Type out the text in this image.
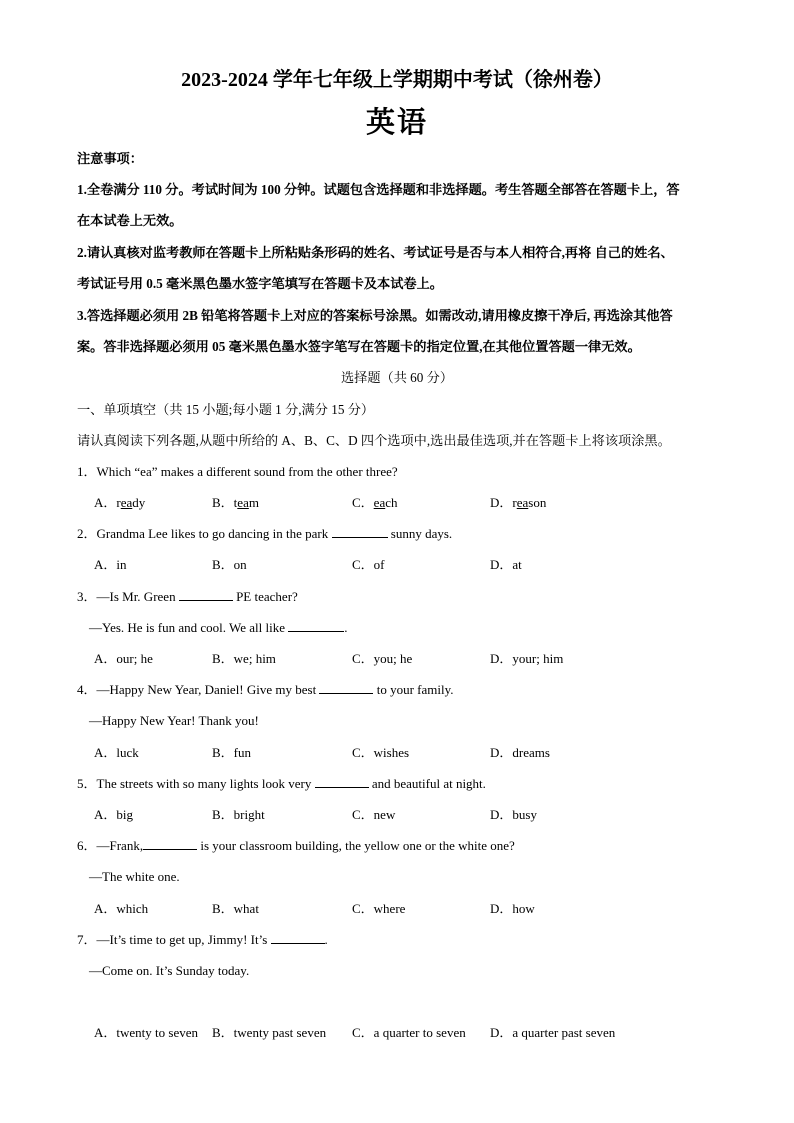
2023-2024 学年七年级上学期期中考试（徐州卷）
英语
注意事项：
1.全卷满分 110 分。考试时间为 100 分钟。试题包含选择题和非选择题。考生答题全部答在答题卡上，答
在本试卷上无效。
2.请认真核对监考教师在答题卡上所粘贴条形码的姓名、考试证号是否与本人相符合,再将 自己的姓名、
考试证号用 0.5 毫米黑色墨水签字笔填写在答题卡及本试卷上。
3.答选择题必须用 2B 铅笔将答题卡上对应的答案标号涂黑。如需改动,请用橡皮擦干净后, 再选涂其他答
案。答非选择题必须用 05 毫米黑色墨水签字笔写在答题卡的指定位置,在其他位置答题一律无效。
选择题（共 60 分）
一、单项填空（共 15 小题;每小题 1 分,满分 15 分）
请认真阅读下列各题,从题中所给的 A、B、C、D 四个选项中,选出最佳选项,并在答题卡上将该项涂黑。
1．Which “ea” makes a different sound from the other three?
A．ready	B．team	C．each	D．reason
2．Grandma Lee likes to go dancing in the park	sunny days.
A．in	B．on	C．of	D．at
3．—Is Mr. Green	PE teacher?
—Yes. He is fun and cool. We all like	.
A．our; he	B．we; him	C．you; he	D．your; him
4．—Happy New Year, Daniel! Give my best	to your family.
—Happy New Year! Thank you!
A．luck	B．fun	C．wishes	D．dreams
5．The streets with so many lights look very	and beautiful at night.
A．big	B．bright	C．new	D．busy
6．—Frank,	is your classroom building, the yellow one or the white one?
—The white one.
A．which	B．what	C．where	D．how
7．—It’s time to get up, Jimmy! It’s	.
—Come on. It’s Sunday today.
A．twenty to seven B．twenty past seven C．a quarter to seven D．a quarter past seven
